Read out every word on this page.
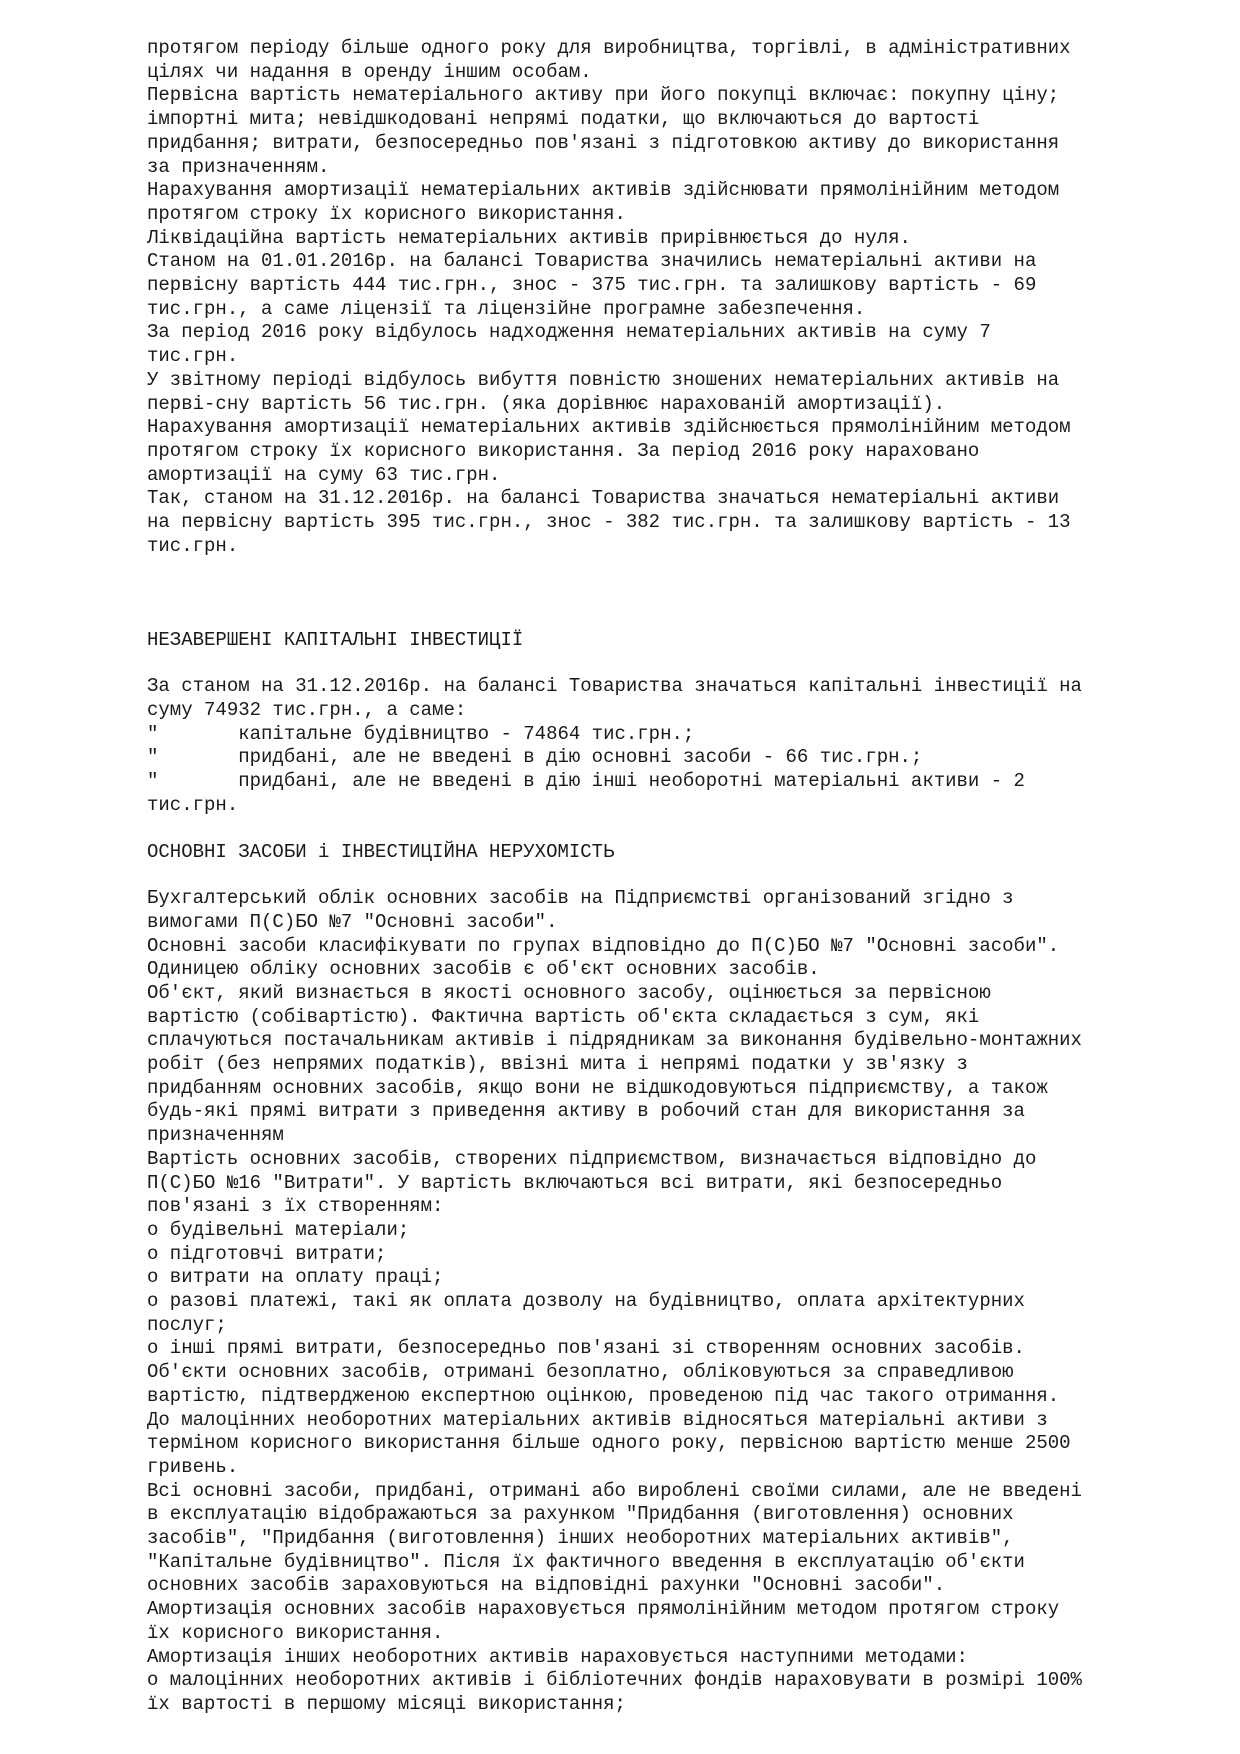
протягом періоду більше одного року для виробництва, торгівлі, в адміністративних
цілях чи надання в оренду іншим особам.
Первісна вартість нематеріального активу при його покупці включає: покупну ціну;
імпортні мита; невідшкодовані непрямі податки, що включаються до вартості
придбання; витрати, безпосередньо пов'язані з підготовкою активу до використання
за призначенням.
Нарахування амортизації нематеріальних активів здійснювати прямолінійним методом
протягом строку їх корисного використання.
Ліквідаційна вартість нематеріальних активів прирівнюється до нуля.
Станом на 01.01.2016р. на балансі Товариства значились нематеріальні активи на
первісну вартість 444 тис.грн., знос - 375 тис.грн. та залишкову вартість - 69
тис.грн., а саме ліцензії та ліцензійне програмне забезпечення.
За період 2016 року відбулось надходження нематеріальних активів на суму 7
тис.грн.
У звітному періоді відбулось вибуття повністю зношених нематеріальних активів на
перві-сну вартість 56 тис.грн. (яка дорівнює нарахованій амортизації).
Нарахування амортизації нематеріальних активів здійснюється прямолінійним методом
протягом строку їх корисного використання. За період 2016 року нараховано
амортизації на суму 63 тис.грн.
Так, станом на 31.12.2016р. на балансі Товариства значаться нематеріальні активи
на первісну вартість 395 тис.грн., знос - 382 тис.грн. та залишкову вартість - 13
тис.грн.
НЕЗАВЕРШЕНІ КАПІТАЛЬНІ ІНВЕСТИЦІЇ
За станом на 31.12.2016р. на балансі Товариства значаться капітальні інвестиції на
суму 74932 тис.грн., а саме:
"       капітальне будівництво - 74864 тис.грн.;
"       придбані, але не введені в дію основні засоби - 66 тис.грн.;
"       придбані, але не введені в дію інші необоротні матеріальні активи - 2
тис.грн.
ОСНОВНІ ЗАСОБИ і ІНВЕСТИЦІЙНА НЕРУХОМІСТЬ
Бухгалтерський облік основних засобів на Підприємстві організований згідно з
вимогами П(С)БО №7 "Основні засоби".
Основні засоби класифікувати по групах відповідно до П(С)БО №7 "Основні засоби".
Одиницею обліку основних засобів є об'єкт основних засобів.
Об'єкт, який визнається в якості основного засобу, оцінюється за первісною
вартістю (собівартістю). Фактична вартість об'єкта складається з сум, які
сплачуються постачальникам активів і підрядникам за виконання будівельно-монтажних
робіт (без непрямих податків), ввізні мита і непрямі податки у зв'язку з
придбанням основних засобів, якщо вони не відшкодовуються підприємству, а також
будь-які прямі витрати з приведення активу в робочий стан для використання за
призначенням
Вартість основних засобів, створених підприємством, визначається відповідно до
П(С)БО №16 "Витрати". У вартість включаються всі витрати, які безпосередньо
пов'язані з їх створенням:
o будівельні матеріали;
o підготовчі витрати;
o витрати на оплату праці;
o разові платежі, такі як оплата дозволу на будівництво, оплата архітектурних
послуг;
o інші прямі витрати, безпосередньо пов'язані зі створенням основних засобів.
Об'єкти основних засобів, отримані безоплатно, обліковуються за справедливою
вартістю, підтвердженою експертною оцінкою, проведеною під час такого отримання.
До малоцінних необоротних матеріальних активів відносяться матеріальні активи з
терміном корисного використання більше одного року, первісною вартістю менше 2500
гривень.
Всі основні засоби, придбані, отримані або вироблені своїми силами, але не введені
в експлуатацію відображаються за рахунком "Придбання (виготовлення) основних
засобів", "Придбання (виготовлення) інших необоротних матеріальних активів",
"Капітальне будівництво". Після їх фактичного введення в експлуатацію об'єкти
основних засобів зараховуються на відповідні рахунки "Основні засоби".
Амортизація основних засобів нараховується прямолінійним методом протягом строку
їх корисного використання.
Амортизація інших необоротних активів нараховується наступними методами:
o малоцінних необоротних активів і бібліотечних фондів нараховувати в розмірі 100%
їх вартості в першому місяці використання;
